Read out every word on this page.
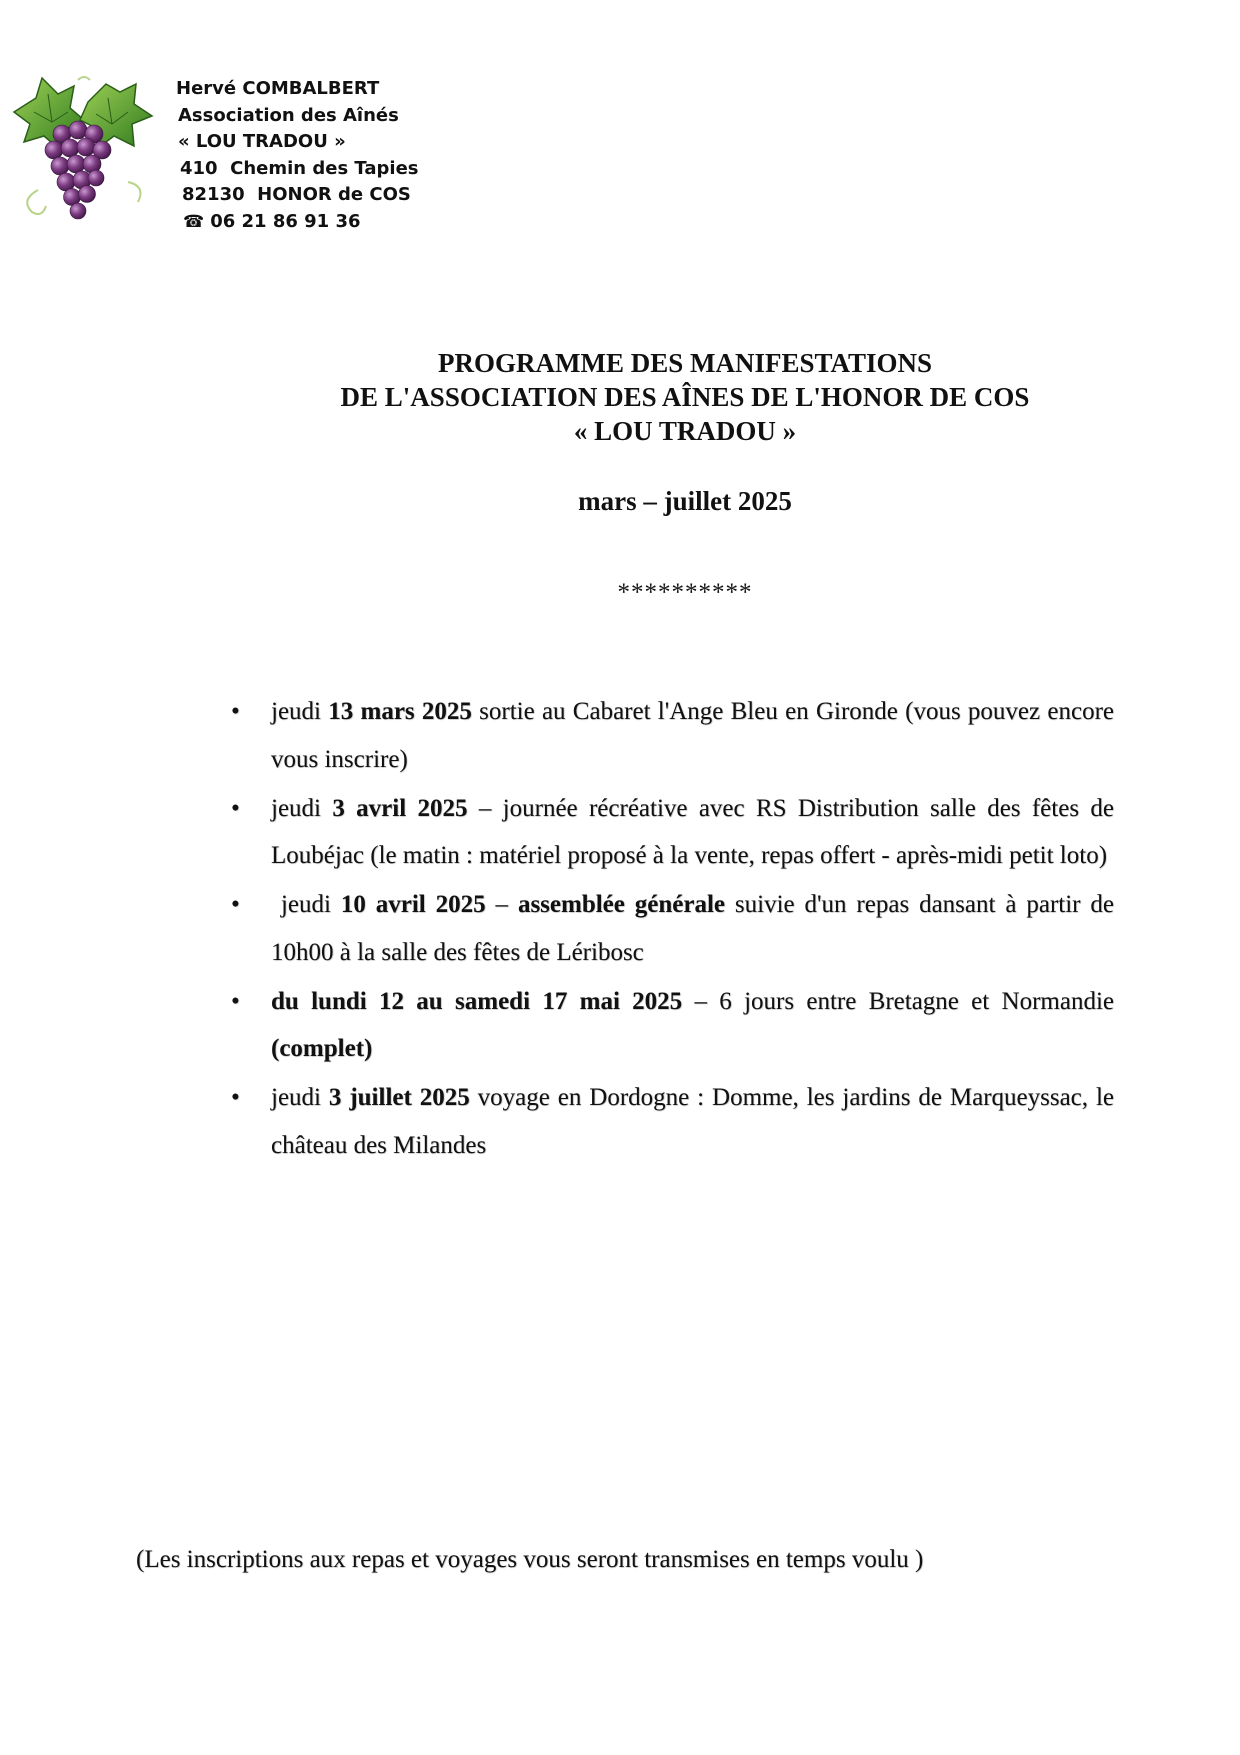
Hervé COMBALBERT
Association des Aînés
« LOU TRADOU »
410  Chemin des Tapies
82130  HONOR de COS
☎ 06 21 86 91 36
PROGRAMME DES MANIFESTATIONS
DE L'ASSOCIATION DES AÎNES DE L'HONOR DE COS
« LOU TRADOU »
mars – juillet 2025
**********
• jeudi 13 mars 2025 sortie au Cabaret l'Ange Bleu en Gironde (vous pouvez encore vous inscrire)
• jeudi 3 avril 2025 – journée récréative avec RS Distribution salle des fêtes de Loubéjac (le matin : matériel proposé à la vente, repas offert - après-midi petit loto)
• jeudi 10 avril 2025 – assemblée générale suivie d'un repas dansant à partir de 10h00 à la salle des fêtes de Léribosc
• du lundi 12 au samedi 17 mai 2025 – 6 jours entre Bretagne et Normandie (complet)
• jeudi 3 juillet 2025 voyage en Dordogne : Domme, les jardins de Marqueyssac, le château des Milandes
(Les inscriptions aux repas et voyages vous seront transmises en temps voulu )
